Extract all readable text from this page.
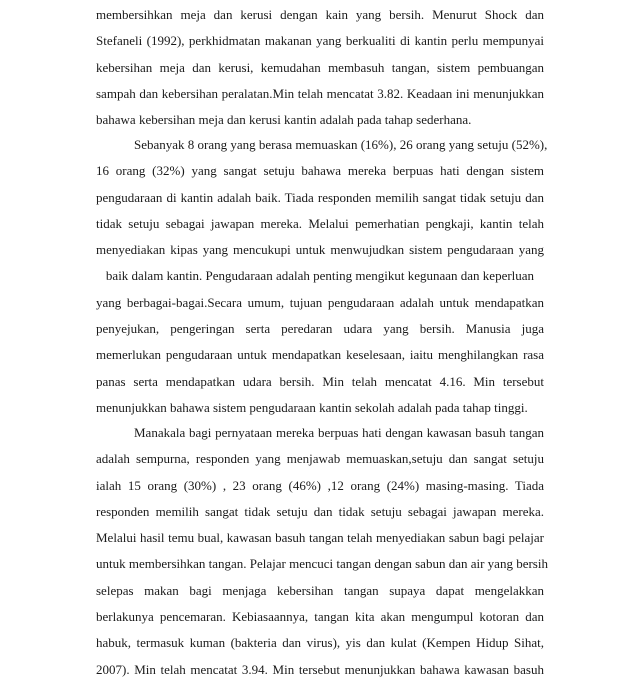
membersihkan meja dan kerusi dengan kain yang bersih. Menurut Shock dan
Stefaneli (1992), perkhidmatan makanan yang berkualiti di kantin perlu mempunyai
kebersihan meja dan kerusi, kemudahan membasuh tangan, sistem pembuangan
sampah dan kebersihan peralatan.Min telah mencatat 3.82. Keadaan ini menunjukkan
bahawa kebersihan meja dan kerusi kantin adalah pada tahap sederhana.
Sebanyak 8 orang yang berasa memuaskan (16%), 26 orang yang setuju (52%),
16 orang (32%) yang sangat setuju bahawa mereka berpuas hati dengan sistem
pengudaraan di kantin adalah baik. Tiada responden memilih sangat tidak setuju dan
tidak setuju sebagai jawapan mereka. Melalui pemerhatian pengkaji, kantin telah
menyediakan kipas yang mencukupi untuk menwujudkan sistem pengudaraan yang
baik dalam kantin. Pengudaraan adalah penting mengikut kegunaan dan keperluan
yang berbagai-bagai.Secara umum, tujuan pengudaraan adalah untuk mendapatkan
penyejukan, pengeringan serta peredaran udara yang bersih. Manusia juga
memerlukan pengudaraan untuk mendapatkan keselesaan, iaitu menghilangkan rasa
panas serta mendapatkan udara bersih. Min telah mencatat 4.16. Min tersebut
menunjukkan bahawa sistem pengudaraan kantin sekolah adalah pada tahap tinggi.
Manakala bagi pernyataan mereka berpuas hati dengan kawasan basuh tangan
adalah sempurna, responden yang menjawab memuaskan,setuju dan sangat setuju
ialah 15 orang (30%) , 23 orang (46%) ,12 orang (24%) masing-masing. Tiada
responden memilih sangat tidak setuju dan tidak setuju sebagai jawapan mereka.
Melalui hasil temu bual, kawasan basuh tangan telah menyediakan sabun bagi pelajar
untuk membersihkan tangan. Pelajar mencuci tangan dengan sabun dan air yang bersih
selepas makan bagi menjaga kebersihan tangan supaya dapat mengelakkan
berlakunya pencemaran. Kebiasaannya, tangan kita akan mengumpul kotoran dan
habuk, termasuk kuman (bakteria dan virus), yis dan kulat (Kempen Hidup Sihat,
2007). Min telah mencatat 3.94. Min tersebut menunjukkan bahawa kawasan basuh
